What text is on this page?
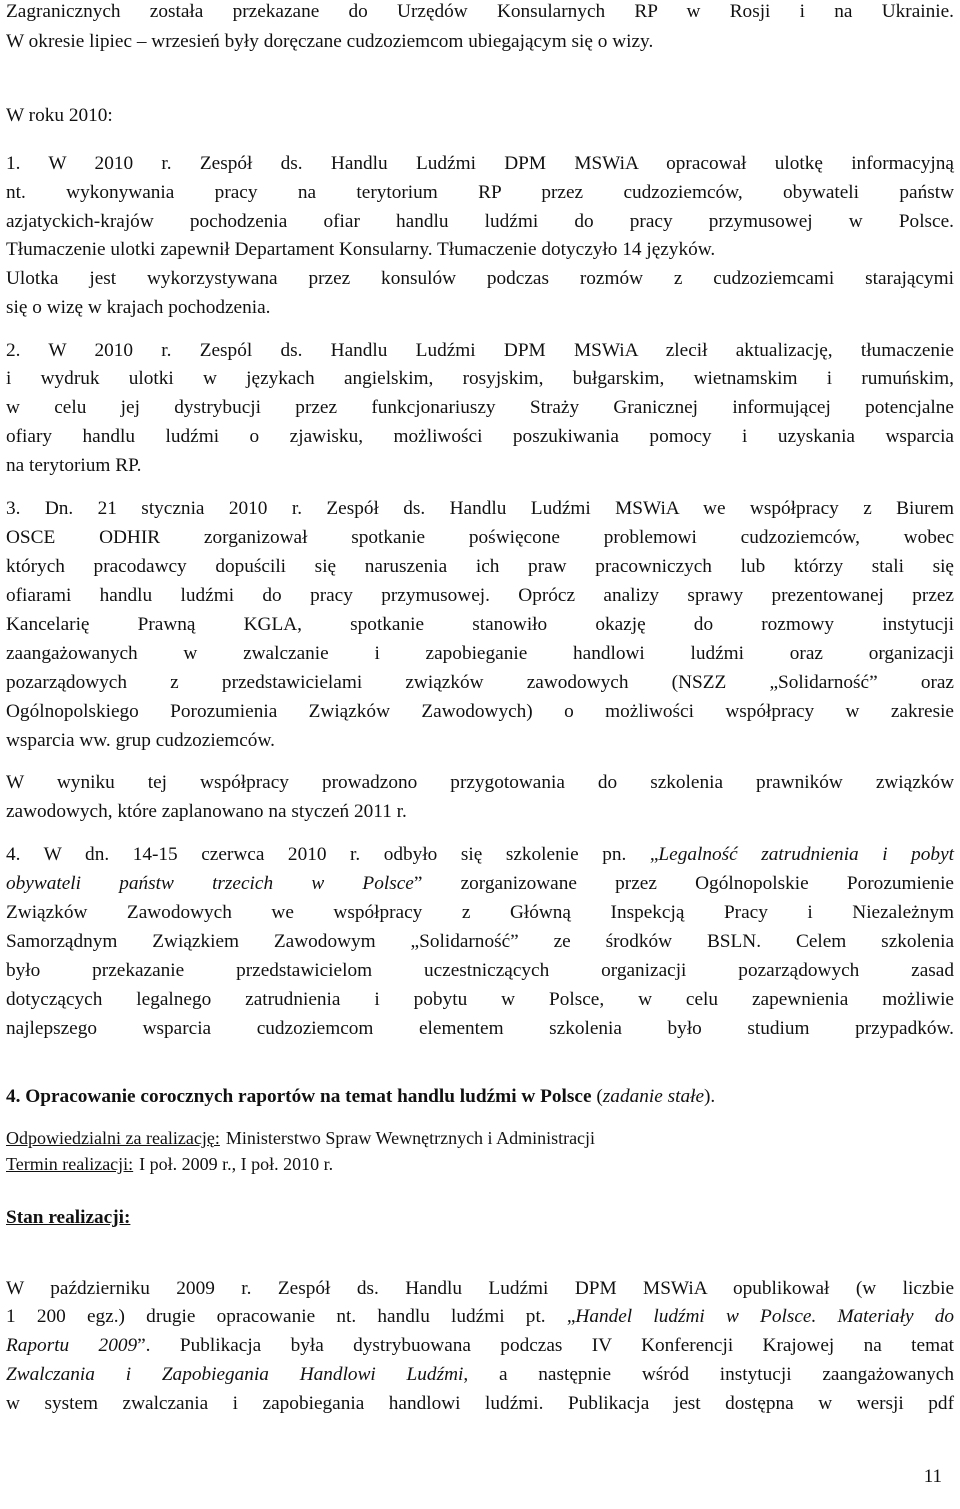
Zagranicznych została przekazane do Urzędów Konsularnych RP w Rosji i na Ukrainie.
W okresie lipiec – wrzesień były doręczane cudzoziemcom ubiegającym się o wizy.
W roku 2010:
1. W 2010 r. Zespół ds. Handlu Ludźmi DPM MSWiA opracował ulotkę informacyjną
nt. wykonywania pracy na terytorium RP przez cudzoziemców, obywateli państw
azjatyckich-krajów pochodzenia ofiar handlu ludźmi do pracy przymusowej w Polsce.
Tłumaczenie ulotki zapewnił Departament Konsularny. Tłumaczenie dotyczyło 14 języków.
Ulotka jest wykorzystywana przez konsulów podczas rozmów z cudzoziemcami starającymi
się o wizę w krajach pochodzenia.
2. W 2010 r. Zespól ds. Handlu Ludźmi DPM MSWiA zlecił aktualizację, tłumaczenie
i wydruk ulotki w językach angielskim, rosyjskim, bułgarskim, wietnamskim i rumuńskim,
w celu jej dystrybucji przez funkcjonariuszy Straży Granicznej informującej potencjalne
ofiary handlu ludźmi o zjawisku, możliwości poszukiwania pomocy i uzyskania wsparcia
na terytorium RP.
3. Dn. 21 stycznia 2010 r. Zespół ds. Handlu Ludźmi MSWiA we współpracy z Biurem
OSCE ODHIR zorganizował spotkanie poświęcone problemowi cudzoziemców, wobec
których pracodawcy dopuścili się naruszenia ich praw pracowniczych lub którzy stali się
ofiarami handlu ludźmi do pracy przymusowej. Oprócz analizy sprawy prezentowanej przez
Kancelarię Prawną KGLA, spotkanie stanowiło okazję do rozmowy instytucji
zaangażowanych w zwalczanie i zapobieganie handlowi ludźmi oraz organizacji
pozarządowych z przedstawicielami związków zawodowych (NSZZ „Solidarność” oraz
Ogólnopolskiego Porozumienia Związków Zawodowych) o możliwości współpracy w zakresie
wsparcia ww. grup cudzoziemców.
W wyniku tej współpracy prowadzono przygotowania do szkolenia prawników związków
zawodowych, które zaplanowano na styczeń 2011 r.
4. W dn. 14-15 czerwca 2010 r. odbyło się szkolenie pn. „Legalność zatrudnienia i pobyt
obywateli państw trzecich w Polsce” zorganizowane przez Ogólnopolskie Porozumienie
Związków Zawodowych we współpracy z Główną Inspekcją Pracy i Niezależnym
Samorządnym Związkiem Zawodowym „Solidarność” ze środków BSLN. Celem szkolenia
było przekazanie przedstawicielom uczestniczących organizacji pozarządowych zasad
dotyczących legalnego zatrudnienia i pobytu w Polsce, w celu zapewnienia możliwie
najlepszego wsparcia cudzoziemcom elementem szkolenia było studium przypadków.
4. Opracowanie corocznych raportów na temat handlu ludźmi w Polsce (zadanie stałe).
Odpowiedzialni za realizację: Ministerstwo Spraw Wewnętrznych i Administracji
Termin realizacji: I poł. 2009 r., I poł. 2010 r.
Stan realizacji:
W październiku 2009 r. Zespół ds. Handlu Ludźmi DPM MSWiA opublikował (w liczbie
1 200 egz.) drugie opracowanie nt. handlu ludźmi pt. „Handel ludźmi w Polsce. Materiały do
Raportu 2009”. Publikacja była dystrybuowana podczas IV Konferencji Krajowej na temat
Zwalczania i Zapobiegania Handlowi Ludźmi, a następnie wśród instytucji zaangażowanych
w system zwalczania i zapobiegania handlowi ludźmi. Publikacja jest dostępna w wersji pdf
11
